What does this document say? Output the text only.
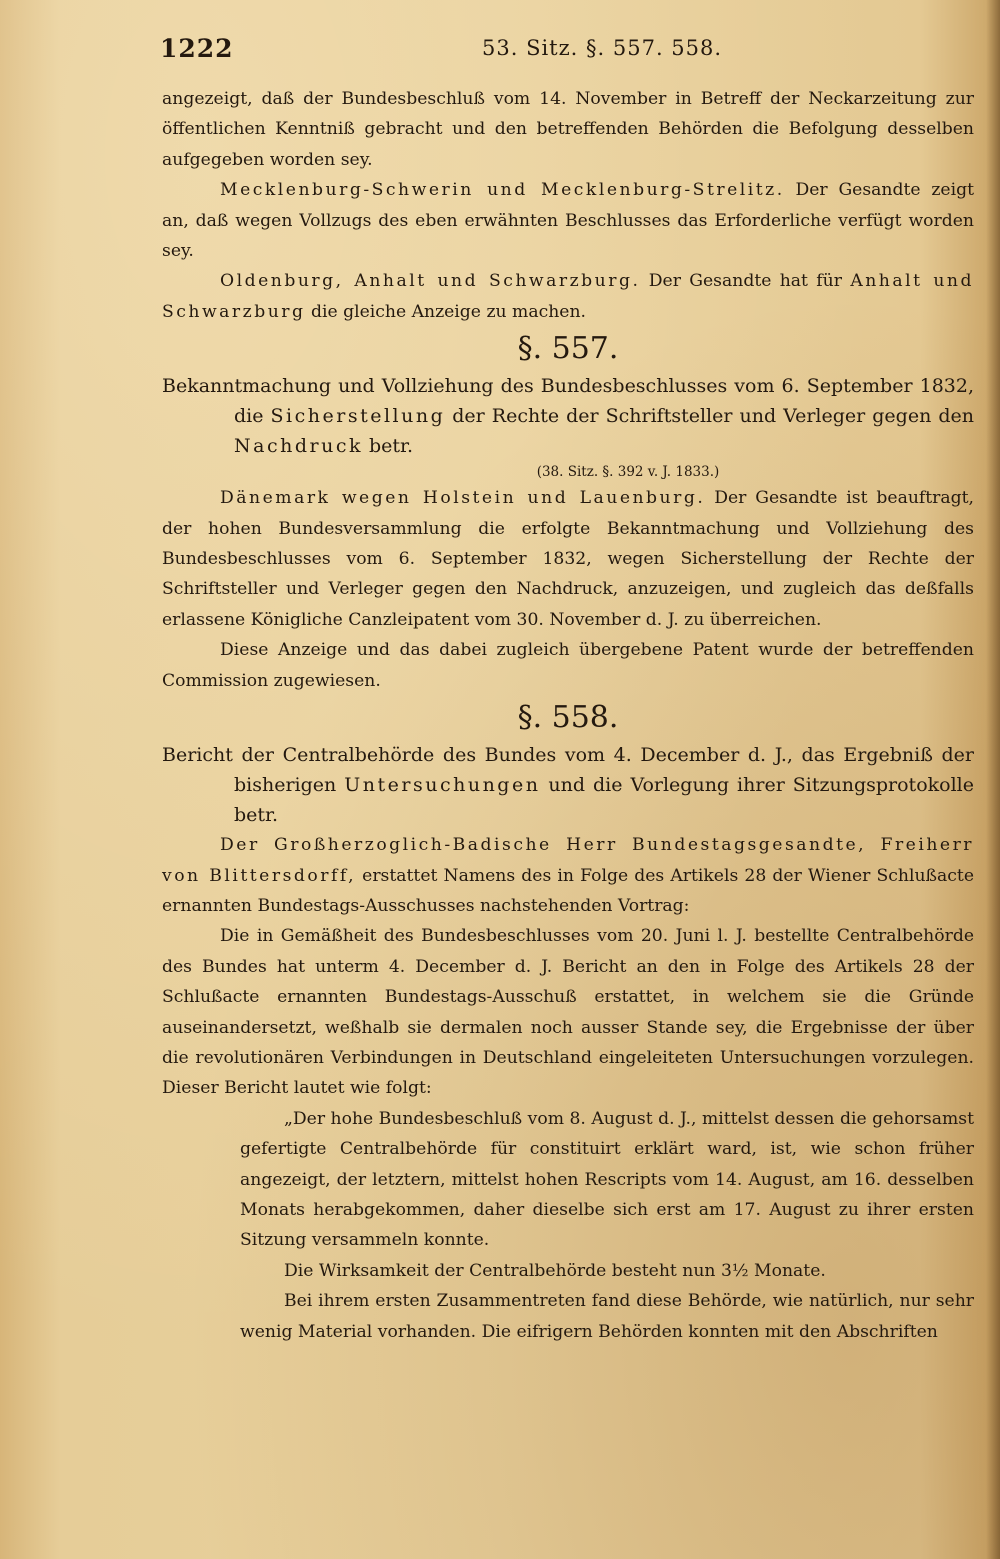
1222	53. Sitz. §. 557. 558.

angezeigt, daß der Bundesbeschluß vom 14. November in Betreff der Neckarzeitung zur öffentlichen Kenntniß gebracht und den betreffenden Behörden die Befolgung desselben aufgegeben worden sey.

Mecklenburg-Schwerin und Mecklenburg-Strelitz. Der Gesandte zeigt an, daß wegen Vollzugs des eben erwähnten Beschlusses das Erforderliche verfügt worden sey.

Oldenburg, Anhalt und Schwarzburg. Der Gesandte hat für Anhalt und Schwarzburg die gleiche Anzeige zu machen.

§. 557.

Bekanntmachung und Vollziehung des Bundesbeschlusses vom 6. September 1832, die Sicherstellung der Rechte der Schriftsteller und Verleger gegen den Nachdruck betr.

(38. Sitz. §. 392 v. J. 1833.)

Dänemark wegen Holstein und Lauenburg. Der Gesandte ist beauftragt, der hohen Bundesversammlung die erfolgte Bekanntmachung und Vollziehung des Bundesbeschlusses vom 6. September 1832, wegen Sicherstellung der Rechte der Schriftsteller und Verleger gegen den Nachdruck, anzuzeigen, und zugleich das deßfalls erlassene Königliche Canzleipatent vom 30. November d. J. zu überreichen.

Diese Anzeige und das dabei zugleich übergebene Patent wurde der betreffenden Commission zugewiesen.

§. 558.

Bericht der Centralbehörde des Bundes vom 4. December d. J., das Ergebniß der bisherigen Untersuchungen und die Vorlegung ihrer Sitzungsprotokolle betr.

Der Großherzoglich-Badische Herr Bundestagsgesandte, Freiherr von Blittersdorff, erstattet Namens des in Folge des Artikels 28 der Wiener Schlußacte ernannten Bundestags-Ausschusses nachstehenden Vortrag:

Die in Gemäßheit des Bundesbeschlusses vom 20. Juni l. J. bestellte Centralbehörde des Bundes hat unterm 4. December d. J. Bericht an den in Folge des Artikels 28 der Schlußacte ernannten Bundestags-Ausschuß erstattet, in welchem sie die Gründe auseinandersetzt, weßhalb sie dermalen noch ausser Stande sey, die Ergebnisse der über die revolutionären Verbindungen in Deutschland eingeleiteten Untersuchungen vorzulegen. Dieser Bericht lautet wie folgt:

„Der hohe Bundesbeschluß vom 8. August d. J., mittelst dessen die gehorsamst gefertigte Centralbehörde für constituirt erklärt ward, ist, wie schon früher angezeigt, der letztern, mittelst hohen Rescripts vom 14. August, am 16. desselben Monats herabgekommen, daher dieselbe sich erst am 17. August zu ihrer ersten Sitzung versammeln konnte.

Die Wirksamkeit der Centralbehörde besteht nun 3½ Monate.

Bei ihrem ersten Zusammentreten fand diese Behörde, wie natürlich, nur sehr wenig Material vorhanden. Die eifrigern Behörden konnten mit den Abschriften
